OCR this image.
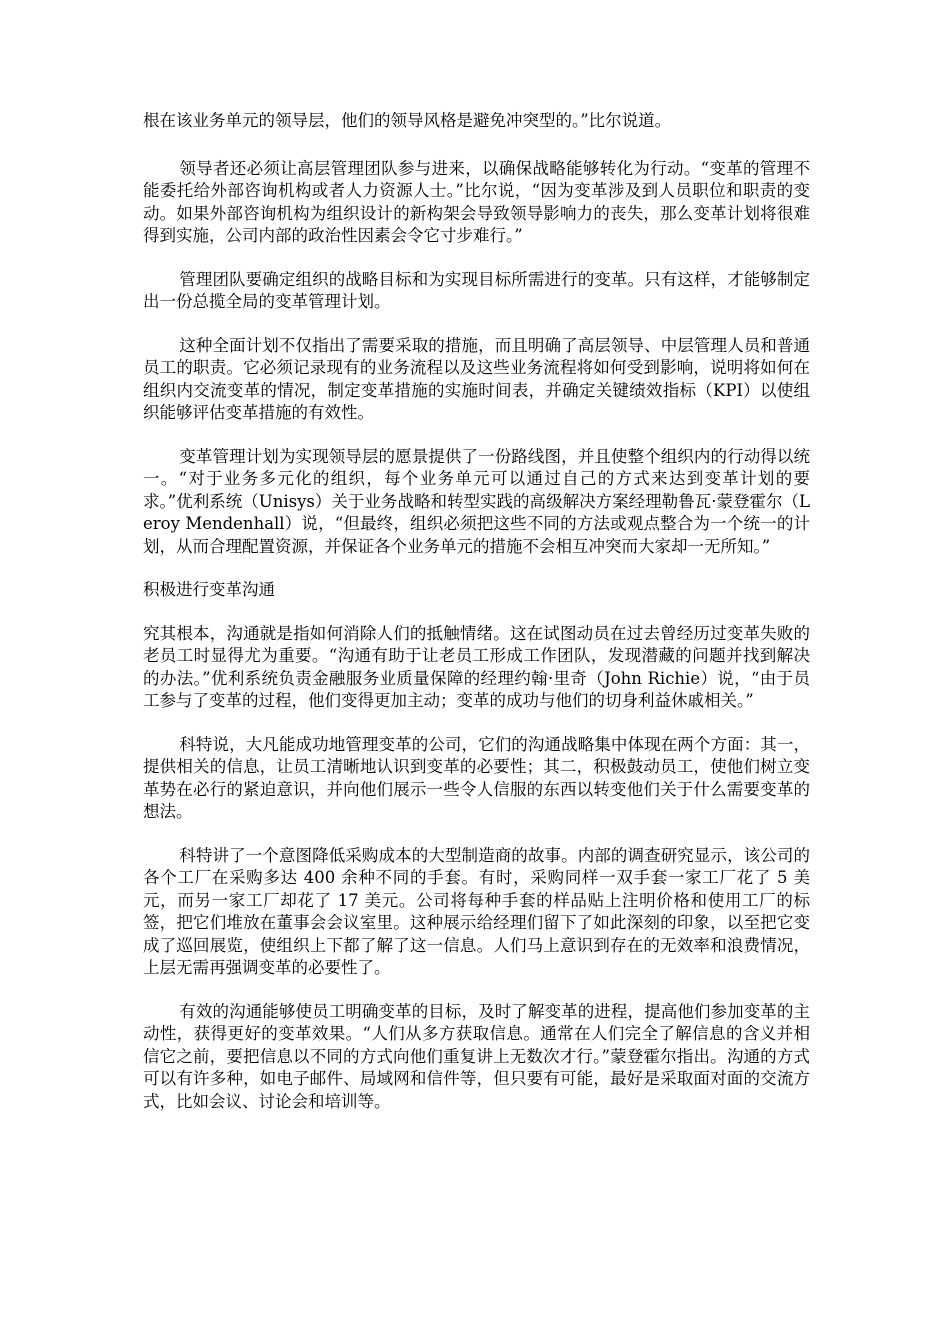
根在该业务单元的领导层，他们的领导风格是避免冲突型的。”比尔说道。

领导者还必须让高层管理团队参与进来，以确保战略能够转化为行动。“变革的管理不能委托给外部咨询机构或者人力资源人士。”比尔说，“因为变革涉及到人员职位和职责的变动。如果外部咨询机构为组织设计的新构架会导致领导影响力的丧失，那么变革计划将很难得到实施，公司内部的政治性因素会令它寸步难行。”

管理团队要确定组织的战略目标和为实现目标所需进行的变革。只有这样，才能够制定出一份总揽全局的变革管理计划。

这种全面计划不仅指出了需要采取的措施，而且明确了高层领导、中层管理人员和普通员工的职责。它必须记录现有的业务流程以及这些业务流程将如何受到影响，说明将如何在组织内交流变革的情况，制定变革措施的实施时间表，并确定关键绩效指标（KPI）以使组织能够评估变革措施的有效性。

变革管理计划为实现领导层的愿景提供了一份路线图，并且使整个组织内的行动得以统一。“对于业务多元化的组织，每个业务单元可以通过自己的方式来达到变革计划的要求。”优利系统（Unisys）关于业务战略和转型实践的高级解决方案经理勒鲁瓦·蒙登霍尔（Leroy Mendenhall）说，“但最终，组织必须把这些不同的方法或观点整合为一个统一的计划，从而合理配置资源，并保证各个业务单元的措施不会相互冲突而大家却一无所知。”

积极进行变革沟通

究其根本，沟通就是指如何消除人们的抵触情绪。这在试图动员在过去曾经历过变革失败的老员工时显得尤为重要。“沟通有助于让老员工形成工作团队，发现潜藏的问题并找到解决的办法。”优利系统负责金融服务业质量保障的经理约翰·里奇（John Richie）说，“由于员工参与了变革的过程，他们变得更加主动；变革的成功与他们的切身利益休戚相关。”

科特说，大凡能成功地管理变革的公司，它们的沟通战略集中体现在两个方面：其一，提供相关的信息，让员工清晰地认识到变革的必要性；其二，积极鼓动员工，使他们树立变革势在必行的紧迫意识，并向他们展示一些令人信服的东西以转变他们关于什么需要变革的想法。

科特讲了一个意图降低采购成本的大型制造商的故事。内部的调查研究显示，该公司的各个工厂在采购多达 400 余种不同的手套。有时，采购同样一双手套一家工厂花了 5 美元，而另一家工厂却花了 17 美元。公司将每种手套的样品贴上注明价格和使用工厂的标签，把它们堆放在董事会会议室里。这种展示给经理们留下了如此深刻的印象，以至把它变成了巡回展览，使组织上下都了解了这一信息。人们马上意识到存在的无效率和浪费情况，上层无需再强调变革的必要性了。

有效的沟通能够使员工明确变革的目标，及时了解变革的进程，提高他们参加变革的主动性，获得更好的变革效果。“人们从多方获取信息。通常在人们完全了解信息的含义并相信它之前，要把信息以不同的方式向他们重复讲上无数次才行。”蒙登霍尔指出。沟通的方式可以有许多种，如电子邮件、局域网和信件等，但只要有可能，最好是采取面对面的交流方式，比如会议、讨论会和培训等。
